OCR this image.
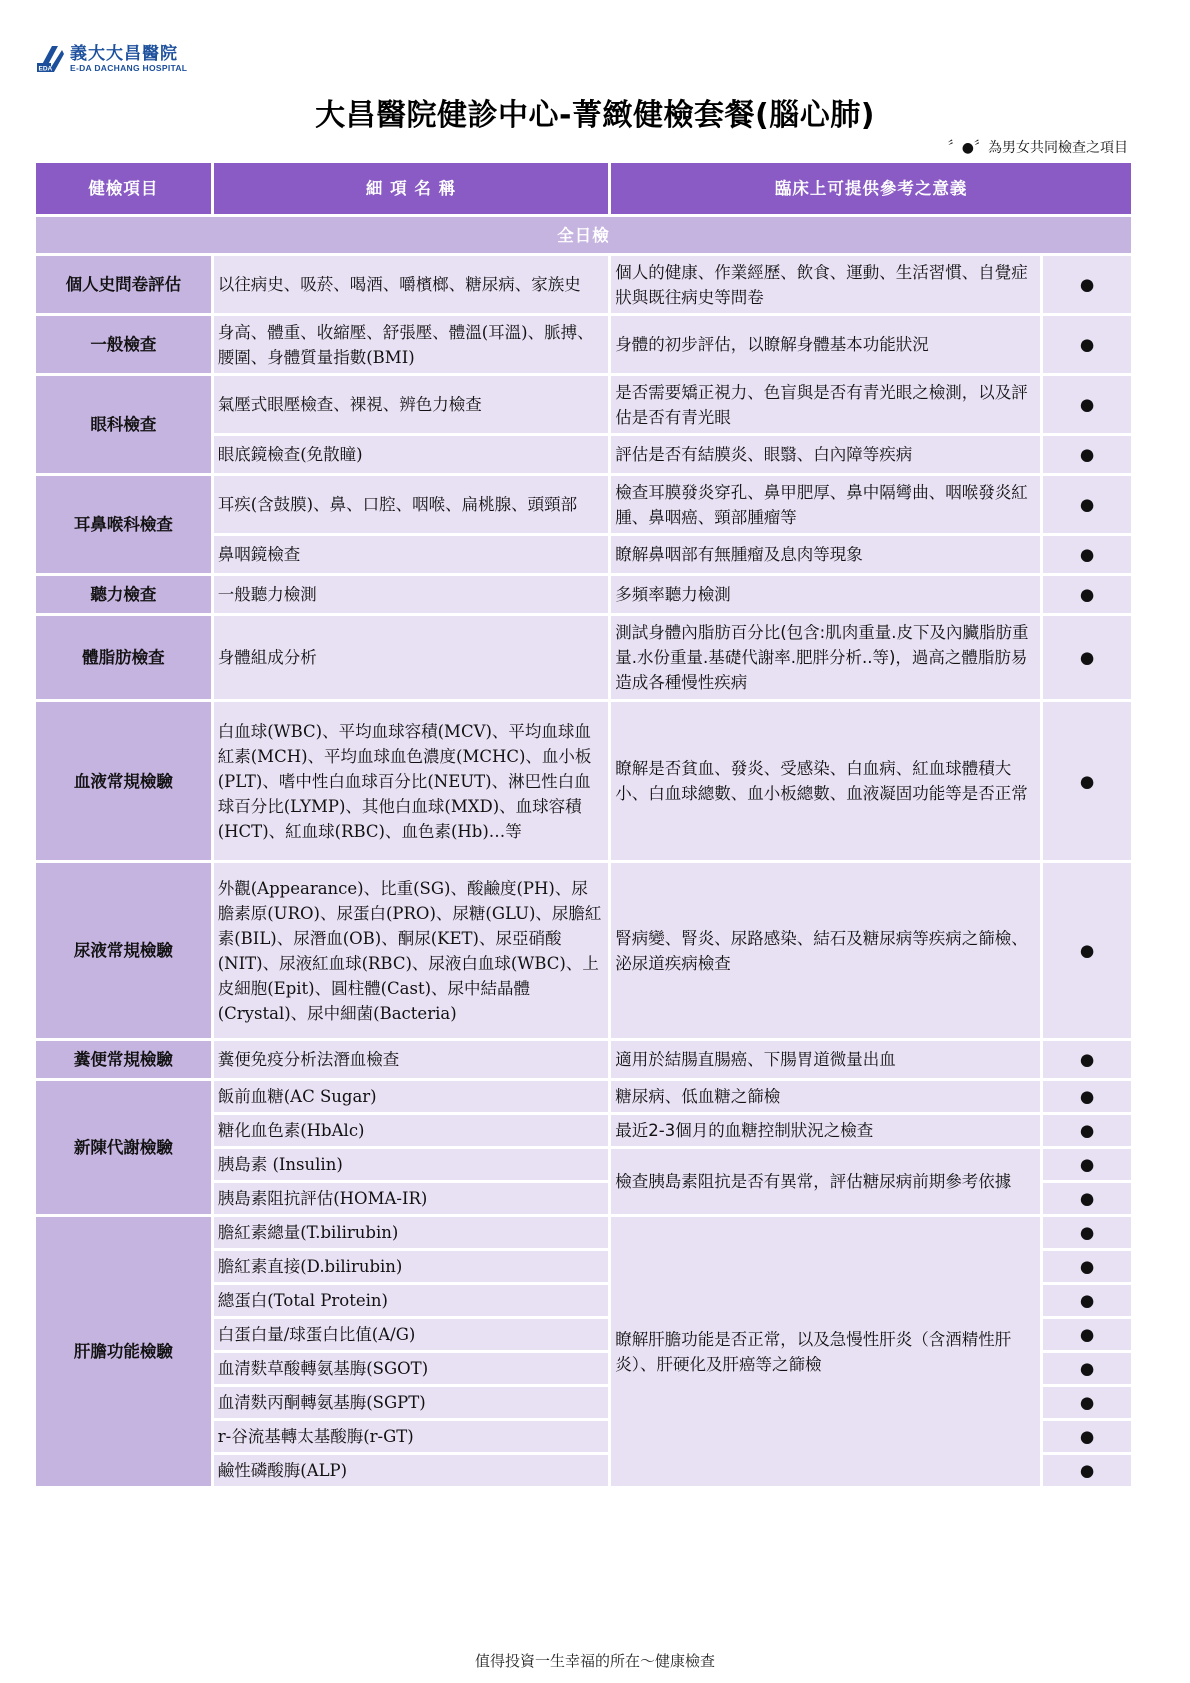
EDA
義大大昌醫院
E-DA DACHANG HOSPITAL
大昌醫院健診中心-菁緻健檢套餐(腦心肺)
〞●〞為男女共同檢查之項目
健檢項目	細 項 名 稱	臨床上可提供參考之意義	
全日檢			
個人史問卷評估	以往病史、吸菸、喝酒、嚼檳榔、糖尿病、家族史	個人的健康、作業經歷、飲食、運動、生活習慣、自覺症狀與既往病史等問卷	●
一般檢查	身高、體重、收縮壓、舒張壓、體溫(耳溫)、脈搏、腰圍、身體質量指數(BMI)	身體的初步評估，以瞭解身體基本功能狀況	●
眼科檢查	氣壓式眼壓檢查、裸視、辨色力檢查	是否需要矯正視力、色盲與是否有青光眼之檢測，以及評估是否有青光眼	●
	眼底鏡檢查(免散瞳)	評估是否有結膜炎、眼翳、白內障等疾病	●
耳鼻喉科檢查	耳疾(含鼓膜)、鼻、口腔、咽喉、扁桃腺、頭頸部	檢查耳膜發炎穿孔、鼻甲肥厚、鼻中隔彎曲、咽喉發炎紅腫、鼻咽癌、頸部腫瘤等	●
	鼻咽鏡檢查	瞭解鼻咽部有無腫瘤及息肉等現象	●
聽力檢查	一般聽力檢測	多頻率聽力檢測	●
體脂肪檢查	身體組成分析	測試身體內脂肪百分比(包含:肌肉重量.皮下及內臟脂肪重量.水份重量.基礎代謝率.肥胖分析..等)，過高之體脂肪易造成各種慢性疾病	●
血液常規檢驗	白血球(WBC)、平均血球容積(MCV)、平均血球血紅素(MCH)、平均血球血色濃度(MCHC)、血小板(PLT)、嗜中性白血球百分比(NEUT)、淋巴性白血球百分比(LYMP)、其他白血球(MXD)、血球容積(HCT)、紅血球(RBC)、血色素(Hb)…等	瞭解是否貧血、發炎、受感染、白血病、紅血球體積大小、白血球總數、血小板總數、血液凝固功能等是否正常	●
尿液常規檢驗	外觀(Appearance)、比重(SG)、酸鹼度(PH)、尿膽素原(URO)、尿蛋白(PRO)、尿糖(GLU)、尿膽紅素(BIL)、尿潛血(OB)、酮尿(KET)、尿亞硝酸(NIT)、尿液紅血球(RBC)、尿液白血球(WBC)、上皮細胞(Epit)、圓柱體(Cast)、尿中結晶體(Crystal)、尿中細菌(Bacteria)	腎病變、腎炎、尿路感染、結石及糖尿病等疾病之篩檢、泌尿道疾病檢查	●
糞便常規檢驗	糞便免疫分析法潛血檢查	適用於結腸直腸癌、下腸胃道微量出血	●
新陳代謝檢驗	飯前血糖(AC Sugar)	糖尿病、低血糖之篩檢	●
	糖化血色素(HbAlc)	最近2-3個月的血糖控制狀況之檢查	●
	胰島素 (Insulin)	檢查胰島素阻抗是否有異常，評估糖尿病前期參考依據	●
	胰島素阻抗評估(HOMA-IR)		●
肝膽功能檢驗	膽紅素總量(T.bilirubin)	瞭解肝膽功能是否正常，以及急慢性肝炎（含酒精性肝炎）、肝硬化及肝癌等之篩檢	●
	膽紅素直接(D.bilirubin)		●
	總蛋白(Total Protein)		●
	白蛋白量/球蛋白比值(A/G)		●
	血清麩草酸轉氨基脢(SGOT)		●
	血清麩丙酮轉氨基脢(SGPT)		●
	r-谷流基轉太基酸脢(r-GT)		●
	鹼性磷酸脢(ALP)		●
值得投資一生幸福的所在～健康檢查
